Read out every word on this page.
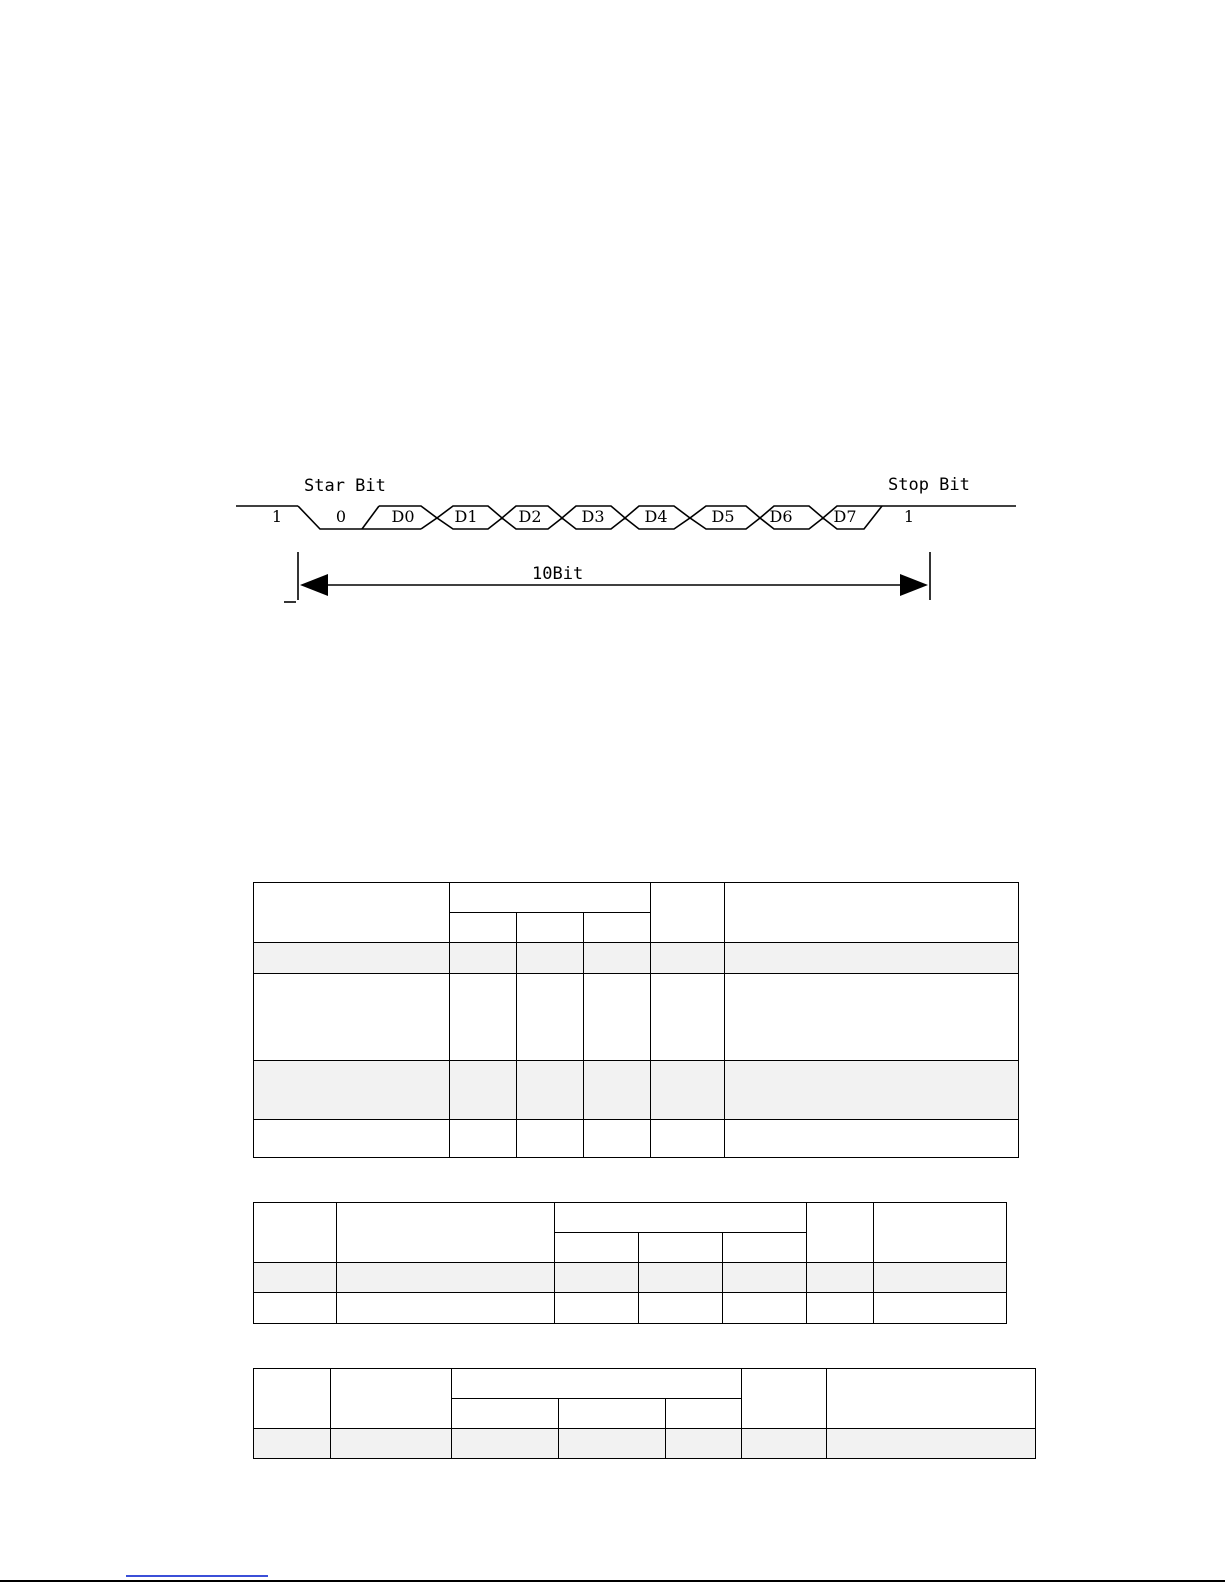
Star Bit	Stop Bit
10Bit
1	0	D0 D1	D2 D3 D4	D5 D6	D7	1
